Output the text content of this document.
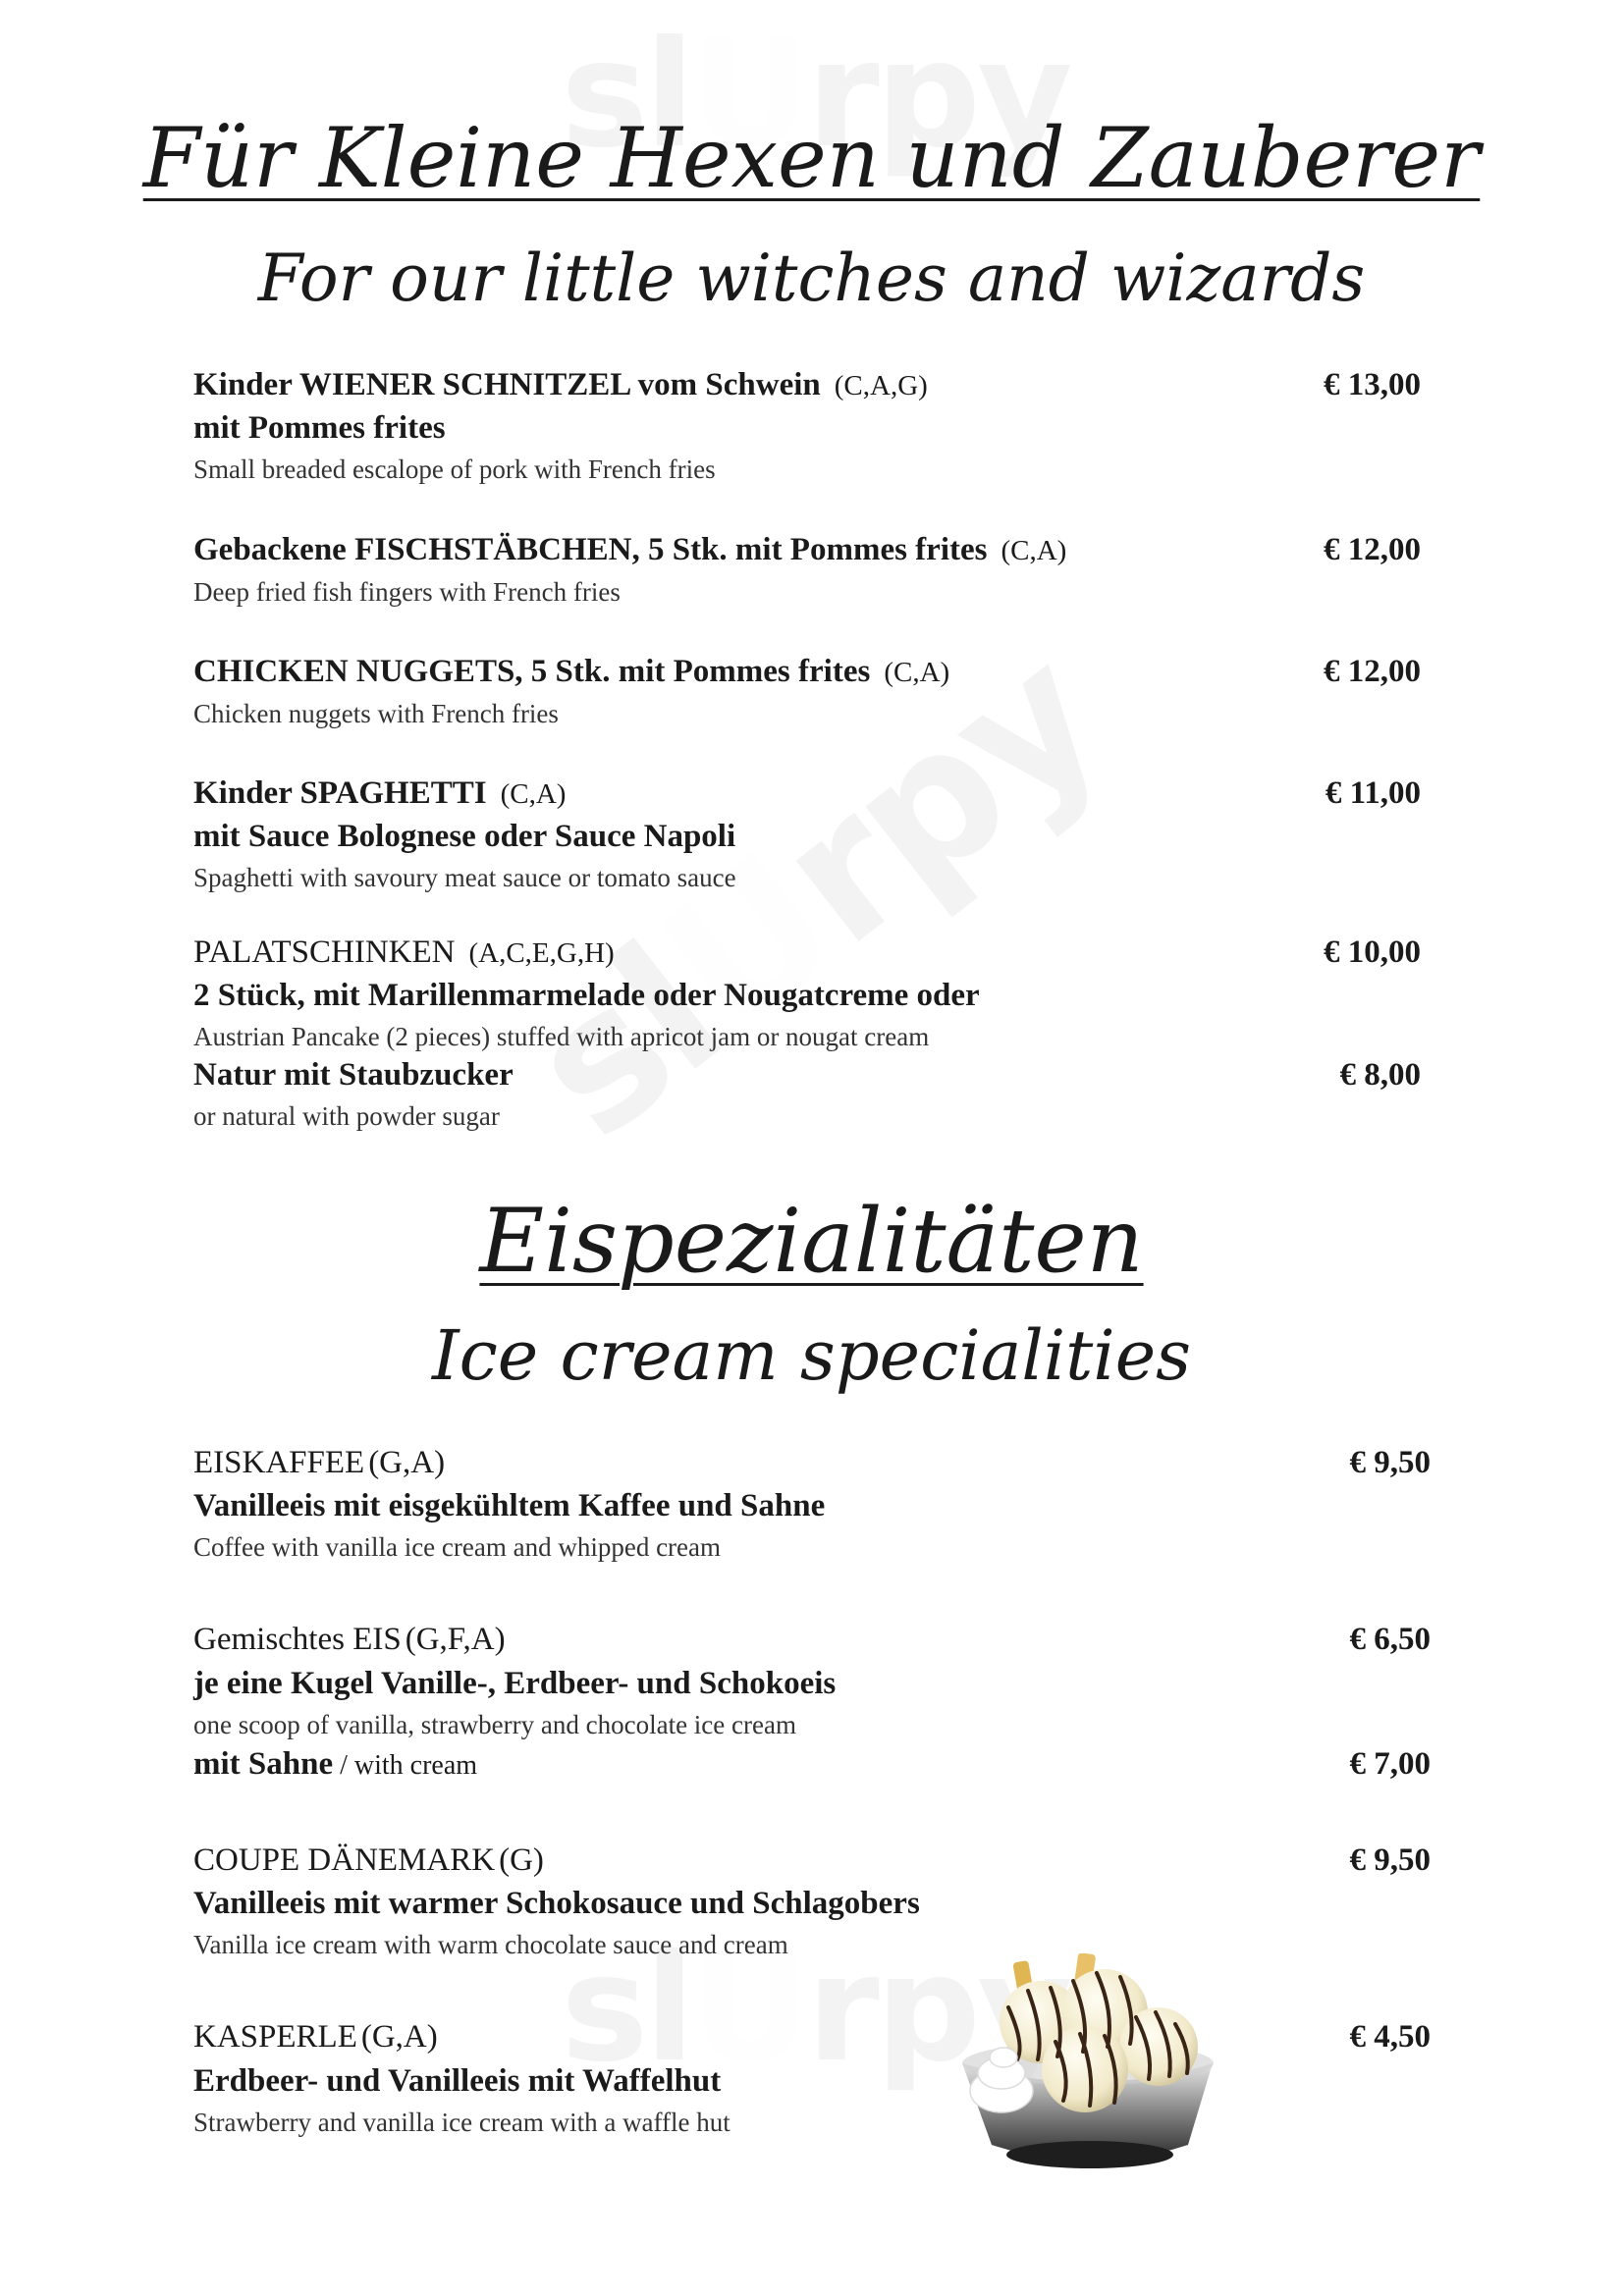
Für Kleine Hexen und Zauberer
For our little witches and wizards
Kinder WIENER SCHNITZEL vom Schwein (C,A,G)	€ 13,00
mit Pommes frites
Small breaded escalope of pork with French fries
Gebackene FISCHSTÄBCHEN, 5 Stk. mit Pommes frites (C,A)	€ 12,00
Deep fried fish fingers with French fries
CHICKEN NUGGETS, 5 Stk. mit Pommes frites (C,A)	€ 12,00
Chicken nuggets with French fries
Kinder SPAGHETTI (C,A)	€ 11,00
mit Sauce Bolognese oder Sauce Napoli
Spaghetti with savoury meat sauce or tomato sauce
PALATSCHINKEN (A,C,E,G,H)	€ 10,00
2 Stück, mit Marillenmarmelade oder Nougatcreme oder
Austrian Pancake (2 pieces) stuffed with apricot jam or nougat cream
Natur mit Staubzucker	€ 8,00
or natural with powder sugar
Eispezialitäten
Ice cream specialities
EISKAFFEE (G,A)	€ 9,50
Vanilleeis mit eisgekühltem Kaffee und Sahne
Coffee with vanilla ice cream and whipped cream
Gemischtes EIS (G,F,A)	€ 6,50
je eine Kugel Vanille-, Erdbeer- und Schokoeis
one scoop of vanilla, strawberry and chocolate ice cream
mit Sahne / with cream	€ 7,00
COUPE DÄNEMARK (G)	€ 9,50
Vanilleeis mit warmer Schokosauce und Schlagobers
Vanilla ice cream with warm chocolate sauce and cream
KASPERLE (G,A)	€ 4,50
Erdbeer- und Vanilleeis mit Waffelhut
Strawberry and vanilla ice cream with a waffle hut
